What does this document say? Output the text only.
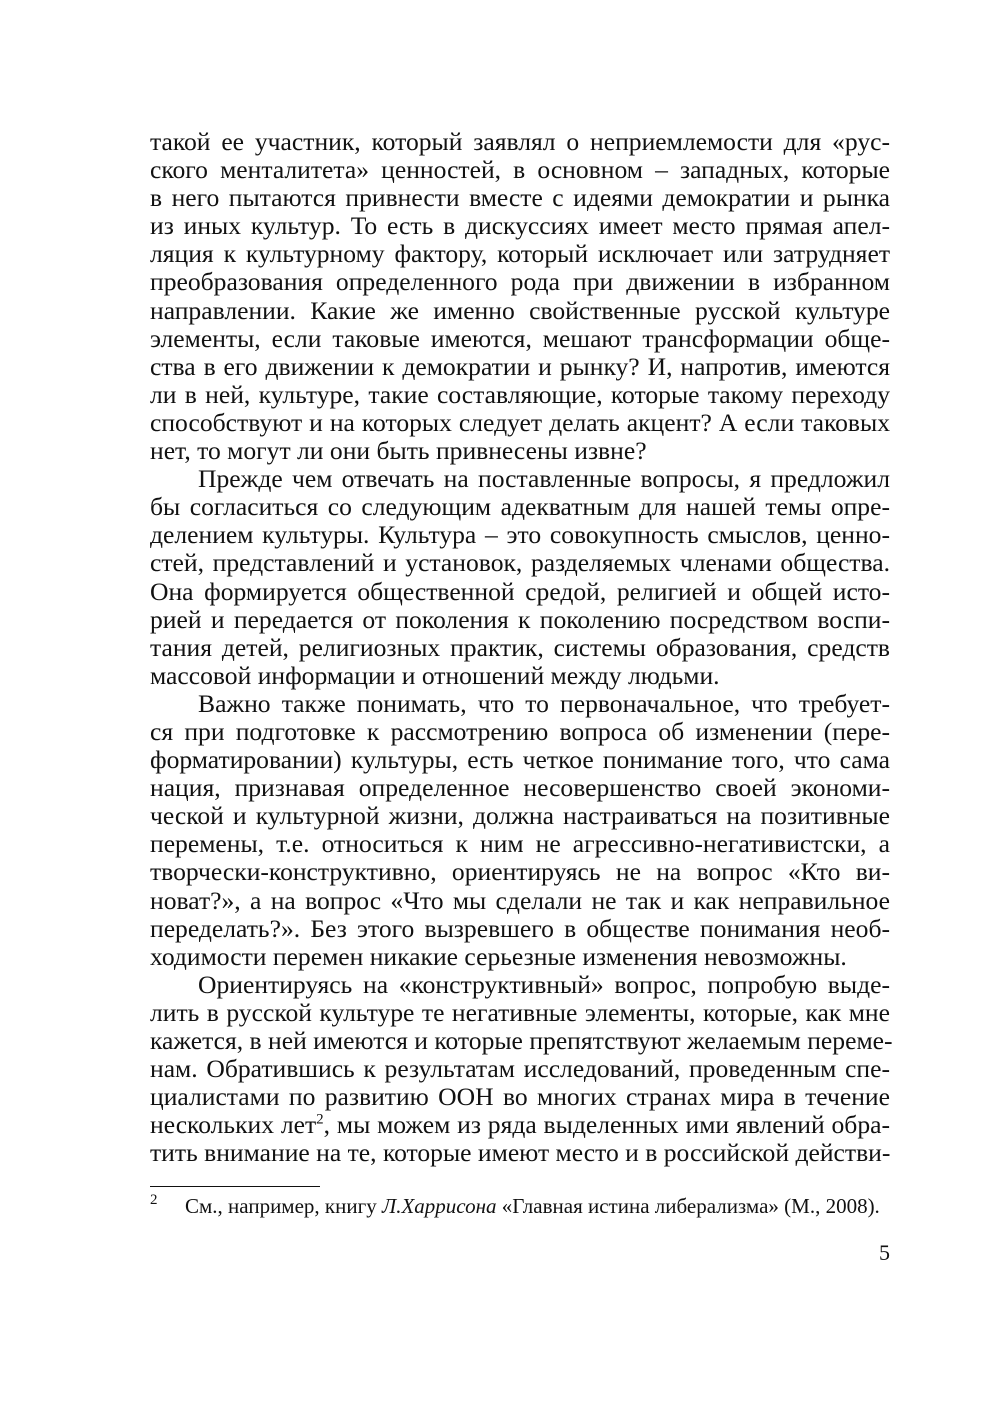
такой ее участник, который заявлял о неприемлемости для «рус-
ского менталитета» ценностей, в основном – западных, которые
в него пытаются привнести вместе с идеями демократии и рынка
из иных культур. То есть в дискуссиях имеет место прямая апел-
ляция к культурному фактору, который исключает или затрудняет
преобразования определенного рода при движении в избранном
направлении. Какие же именно свойственные русской культуре
элементы, если таковые имеются, мешают трансформации обще-
ства в его движении к демократии и рынку? И, напротив, имеются
ли в ней, культуре, такие составляющие, которые такому переходу
способствуют и на которых следует делать акцент? А если таковых
нет, то могут ли они быть привнесены извне?
Прежде чем отвечать на поставленные вопросы, я предложил
бы согласиться со следующим адекватным для нашей темы опре-
делением культуры. Культура – это совокупность смыслов, ценно-
стей, представлений и установок, разделяемых членами общества.
Она формируется общественной средой, религией и общей исто-
рией и передается от поколения к поколению посредством воспи-
тания детей, религиозных практик, системы образования, средств
массовой информации и отношений между людьми.
Важно также понимать, что то первоначальное, что требует-
ся при подготовке к рассмотрению вопроса об изменении (пере-
форматировании) культуры, есть четкое понимание того, что сама
нация, признавая определенное несовершенство своей экономи-
ческой и культурной жизни, должна настраиваться на позитивные
перемены, т.е. относиться к ним не агрессивно-негативистски, а
творчески-конструктивно, ориентируясь не на вопрос «Кто ви-
новат?», а на вопрос «Что мы сделали не так и как неправильное
переделать?». Без этого вызревшего в обществе понимания необ-
ходимости перемен никакие серьезные изменения невозможны.
Ориентируясь на «конструктивный» вопрос, попробую выде-
лить в русской культуре те негативные элементы, которые, как мне
кажется, в ней имеются и которые препятствуют желаемым переме-
нам. Обратившись к результатам исследований, проведенным спе-
циалистами по развитию ООН во многих странах мира в течение
нескольких лет$^2$, мы можем из ряда выделенных ими явлений обра-
тить внимание на те, которые имеют место и в российской действи-
2 См., например, книгу Л.Харрисона «Главная истина либерализма» (М., 2008).
5
